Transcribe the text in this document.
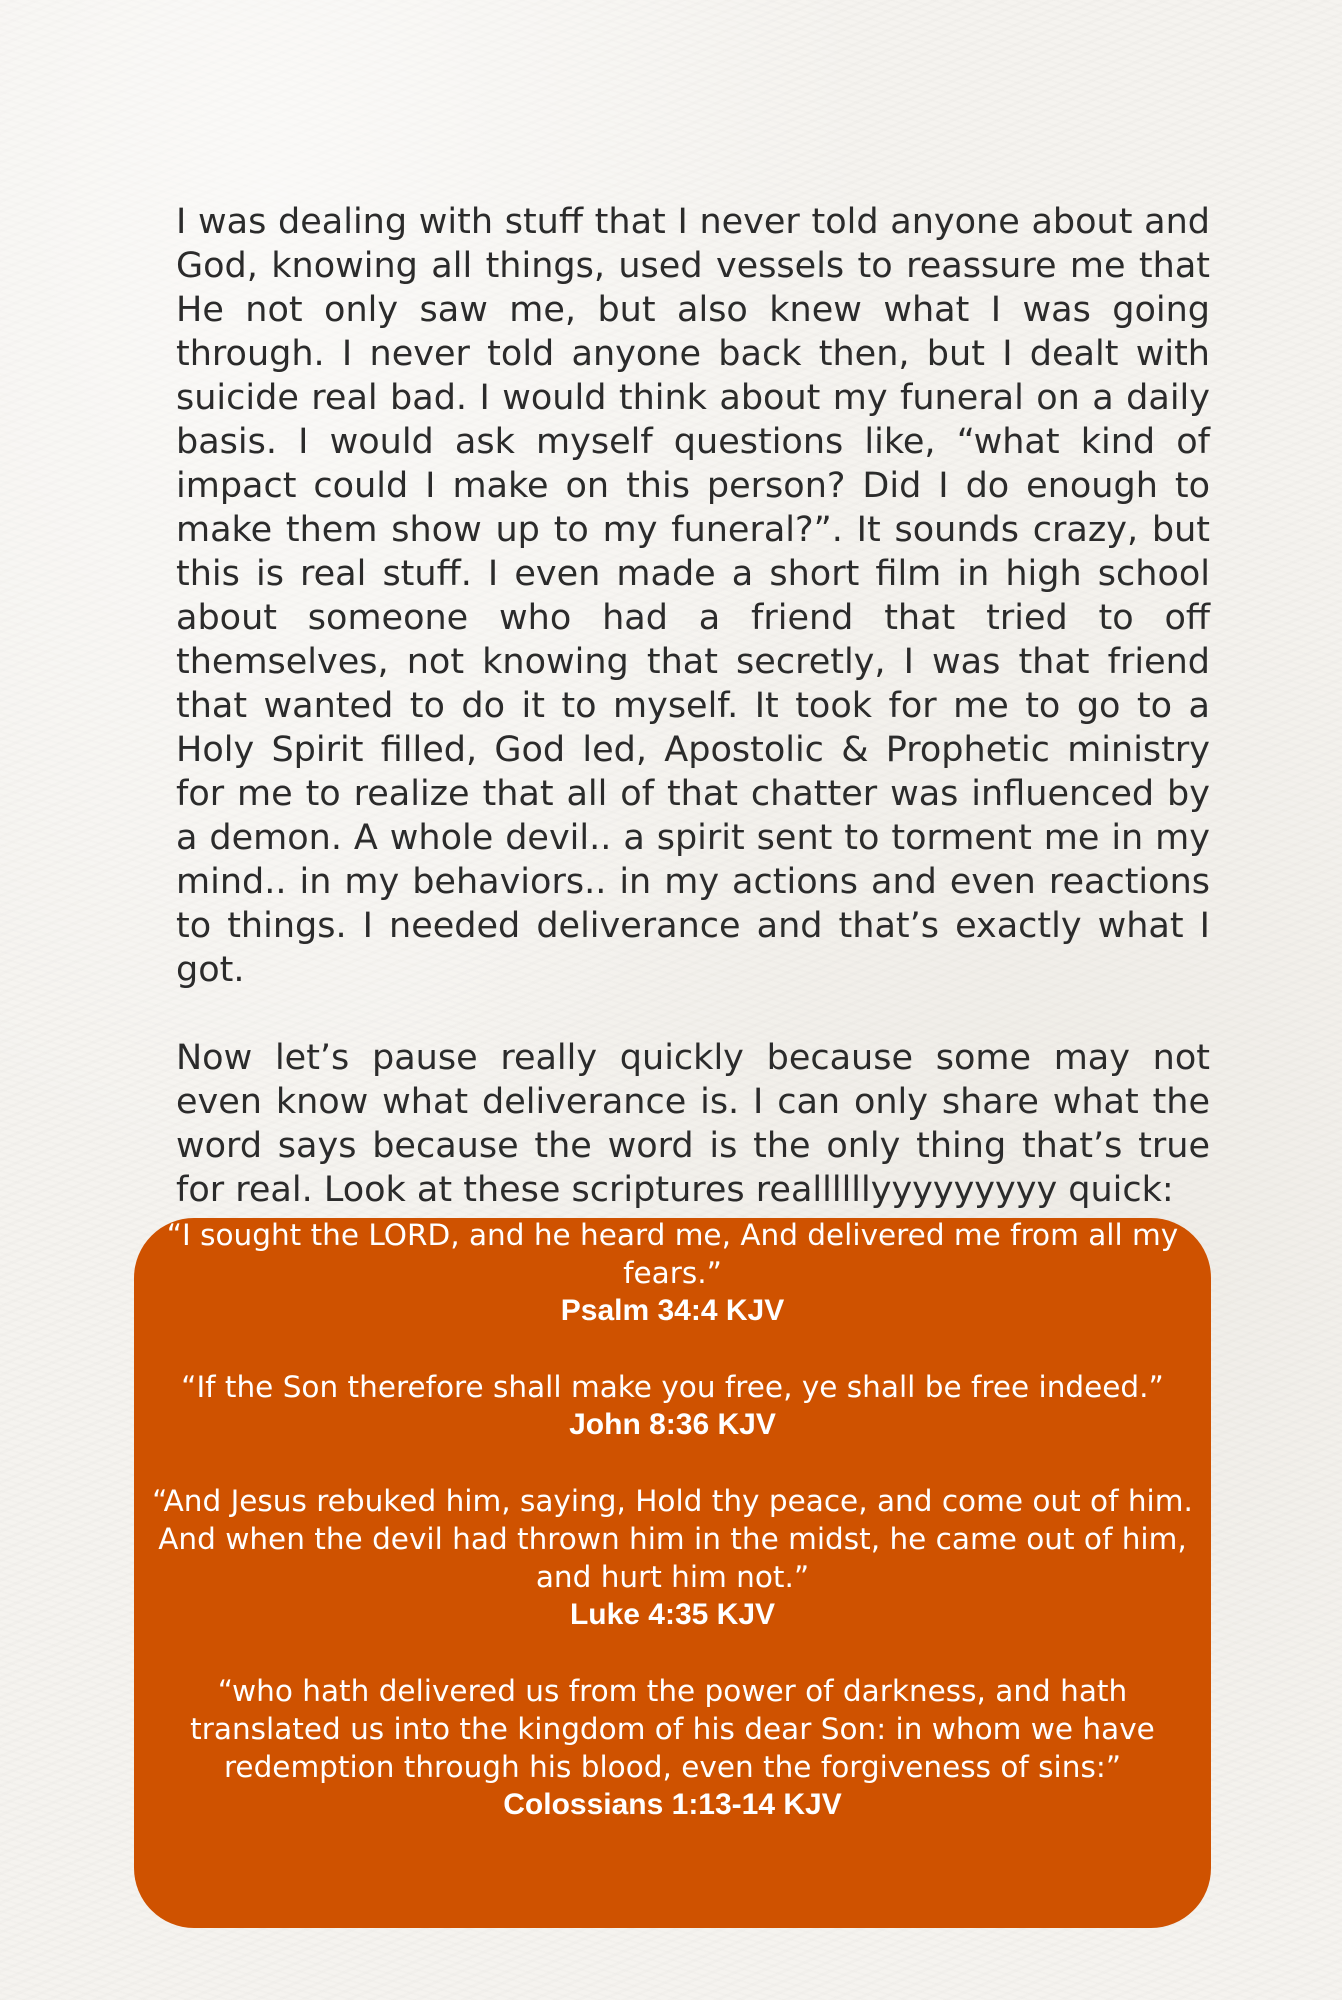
I was dealing with stuff that I never told anyone about and God, knowing all things, used vessels to reassure me that He not only saw me, but also knew what I was going through. I never told anyone back then, but I dealt with suicide real bad. I would think about my funeral on a daily basis. I would ask myself questions like, “what kind of impact could I make on this person? Did I do enough to make them show up to my funeral?”. It sounds crazy, but this is real stuff. I even made a short film in high school about someone who had a friend that tried to off themselves, not knowing that secretly, I was that friend that wanted to do it to myself. It took for me to go to a Holy Spirit filled, God led, Apostolic & Prophetic ministry for me to realize that all of that chatter was influenced by a demon. A whole devil.. a spirit sent to torment me in my mind.. in my behaviors.. in my actions and even reactions to things. I needed deliverance and that’s exactly what I got.

Now let’s pause really quickly because some may not even know what deliverance is. I can only share what the word says because the word is the only thing that’s true for real. Look at these scriptures reallllllyyyyyyyyy quick:

“I sought the LORD, and he heard me, And delivered me from all my fears.”
Psalm 34:4 KJV
“If the Son therefore shall make you free, ye shall be free indeed.”
John 8:36 KJV
“And Jesus rebuked him, saying, Hold thy peace, and come out of him. And when the devil had thrown him in the midst, he came out of him, and hurt him not.”
Luke 4:35 KJV
“who hath delivered us from the power of darkness, and hath translated us into the kingdom of his dear Son: in whom we have redemption through his blood, even the forgiveness of sins:”
Colossians 1:13-14 KJV
